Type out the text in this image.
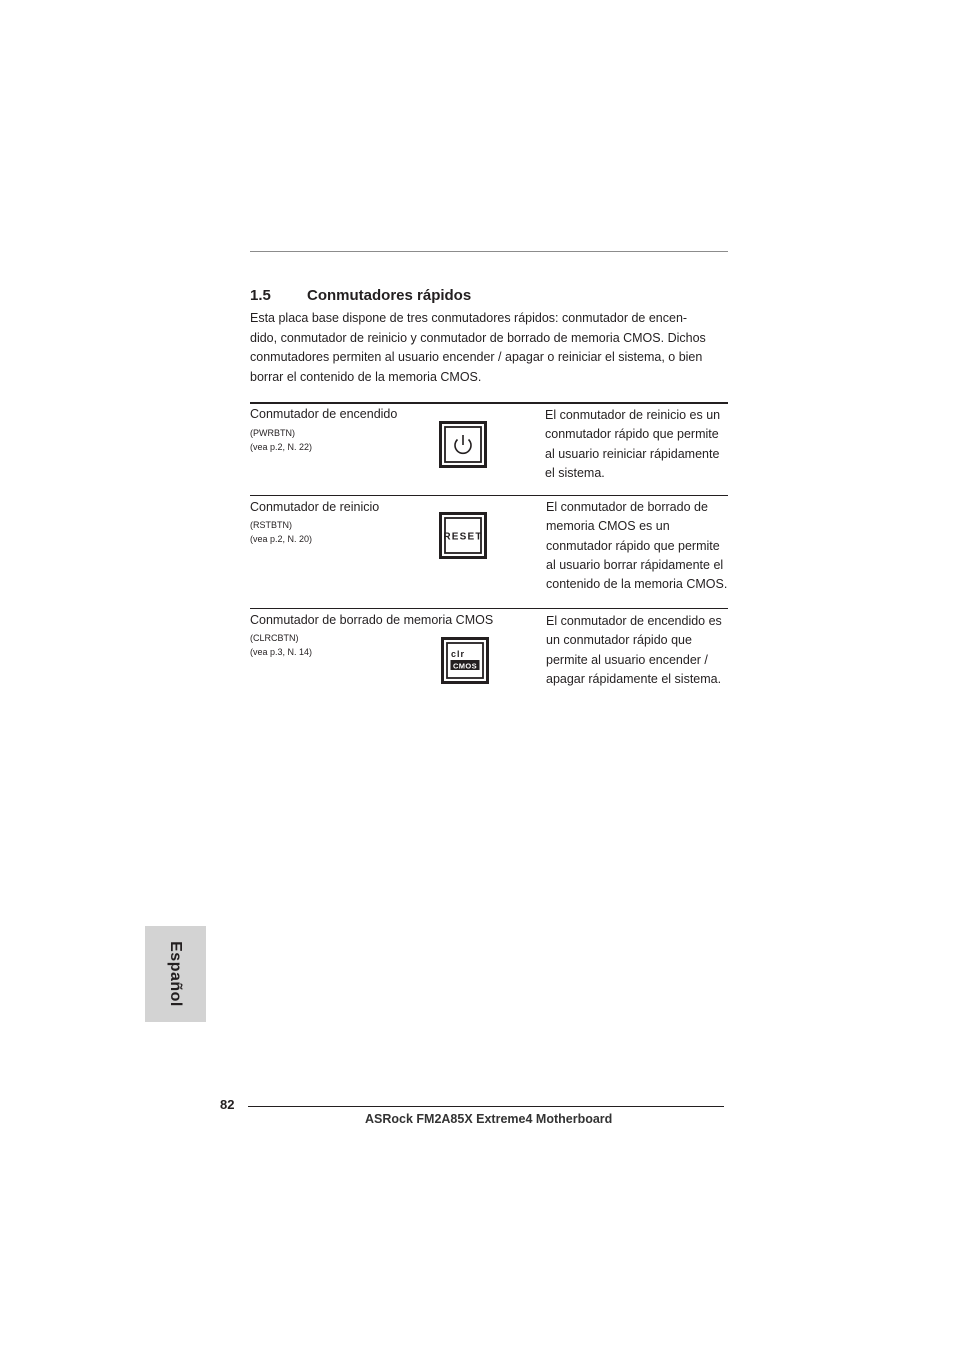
1.5 Conmutadores rápidos
Esta placa base dispone de tres conmutadores rápidos: conmutador de encen-
dido, conmutador de reinicio y conmutador de borrado de memoria CMOS. Dichos
conmutadores permiten al usuario encender / apagar o reiniciar el sistema, o bien
borrar el contenido de la memoria CMOS.
Conmutador de encendido
(PWRBTN)
(vea p.2, N. 22)
El conmutador de reinicio es un
conmutador rápido que permite
al usuario reiniciar rápidamente
el sistema.
Conmutador de reinicio
(RSTBTN)
(vea p.2, N. 20)	RESET
El conmutador de borrado de
memoria CMOS es un
conmutador rápido que permite
al usuario borrar rápidamente el
contenido de la memoria CMOS.
Conmutador de borrado de memoria CMOS
(CLRCBTN)
(vea p.3, N. 14)	clr
CMOS
El conmutador de encendido es
un conmutador rápido que
permite al usuario encender /
apagar rápidamente el sistema.
Español
82
ASRock FM2A85X Extreme4 Motherboard
